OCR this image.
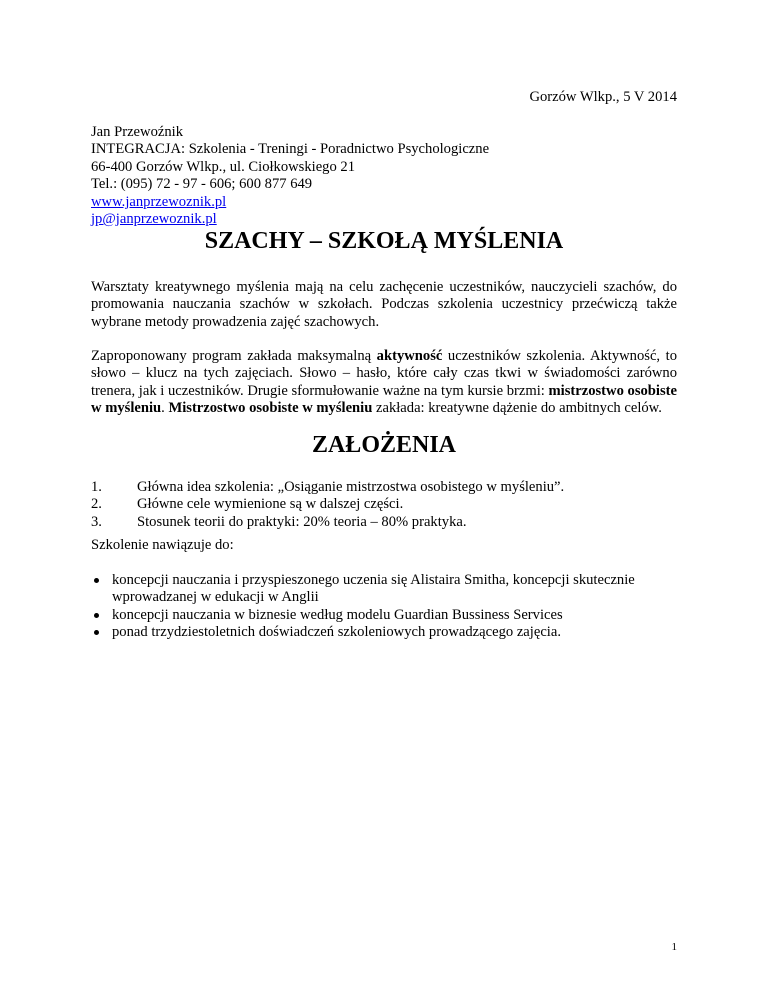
Gorzów Wlkp., 5 V 2014
Jan Przewoźnik
INTEGRACJA: Szkolenia - Treningi - Poradnictwo Psychologiczne
66-400 Gorzów Wlkp., ul. Ciołkowskiego 21
Tel.: (095) 72 - 97 - 606; 600 877 649
www.janprzewoznik.pl
jp@janprzewoznik.pl
SZACHY – SZKOŁĄ MYŚLENIA

Warsztaty kreatywnego myślenia mają na celu zachęcenie uczestników, nauczycieli szachów, do promowania nauczania szachów w szkołach. Podczas szkolenia uczestnicy przećwiczą także wybrane metody prowadzenia zajęć szachowych.

Zaproponowany program zakłada maksymalną aktywność uczestników szkolenia. Aktywność, to słowo – klucz na tych zajęciach. Słowo – hasło, które cały czas tkwi w świadomości zarówno trenera, jak i uczestników. Drugie sformułowanie ważne na tym kursie brzmi: mistrzostwo osobiste w myśleniu. Mistrzostwo osobiste w myśleniu zakłada: kreatywne dążenie do ambitnych celów.

ZAŁOŻENIA
1. Główna idea szkolenia: „Osiąganie mistrzostwa osobistego w myśleniu”.
2. Główne cele wymienione są w dalszej części.
3. Stosunek teorii do praktyki: 20% teoria – 80% praktyka.

Szkolenie nawiązuje do:

koncepcji nauczania i przyspieszonego uczenia się Alistaira Smitha, koncepcji skutecznie wprowadzanej w edukacji w Anglii
koncepcji nauczania w biznesie według modelu Guardian Bussiness Services
ponad trzydziestoletnich doświadczeń szkoleniowych prowadzącego zajęcia.
1
